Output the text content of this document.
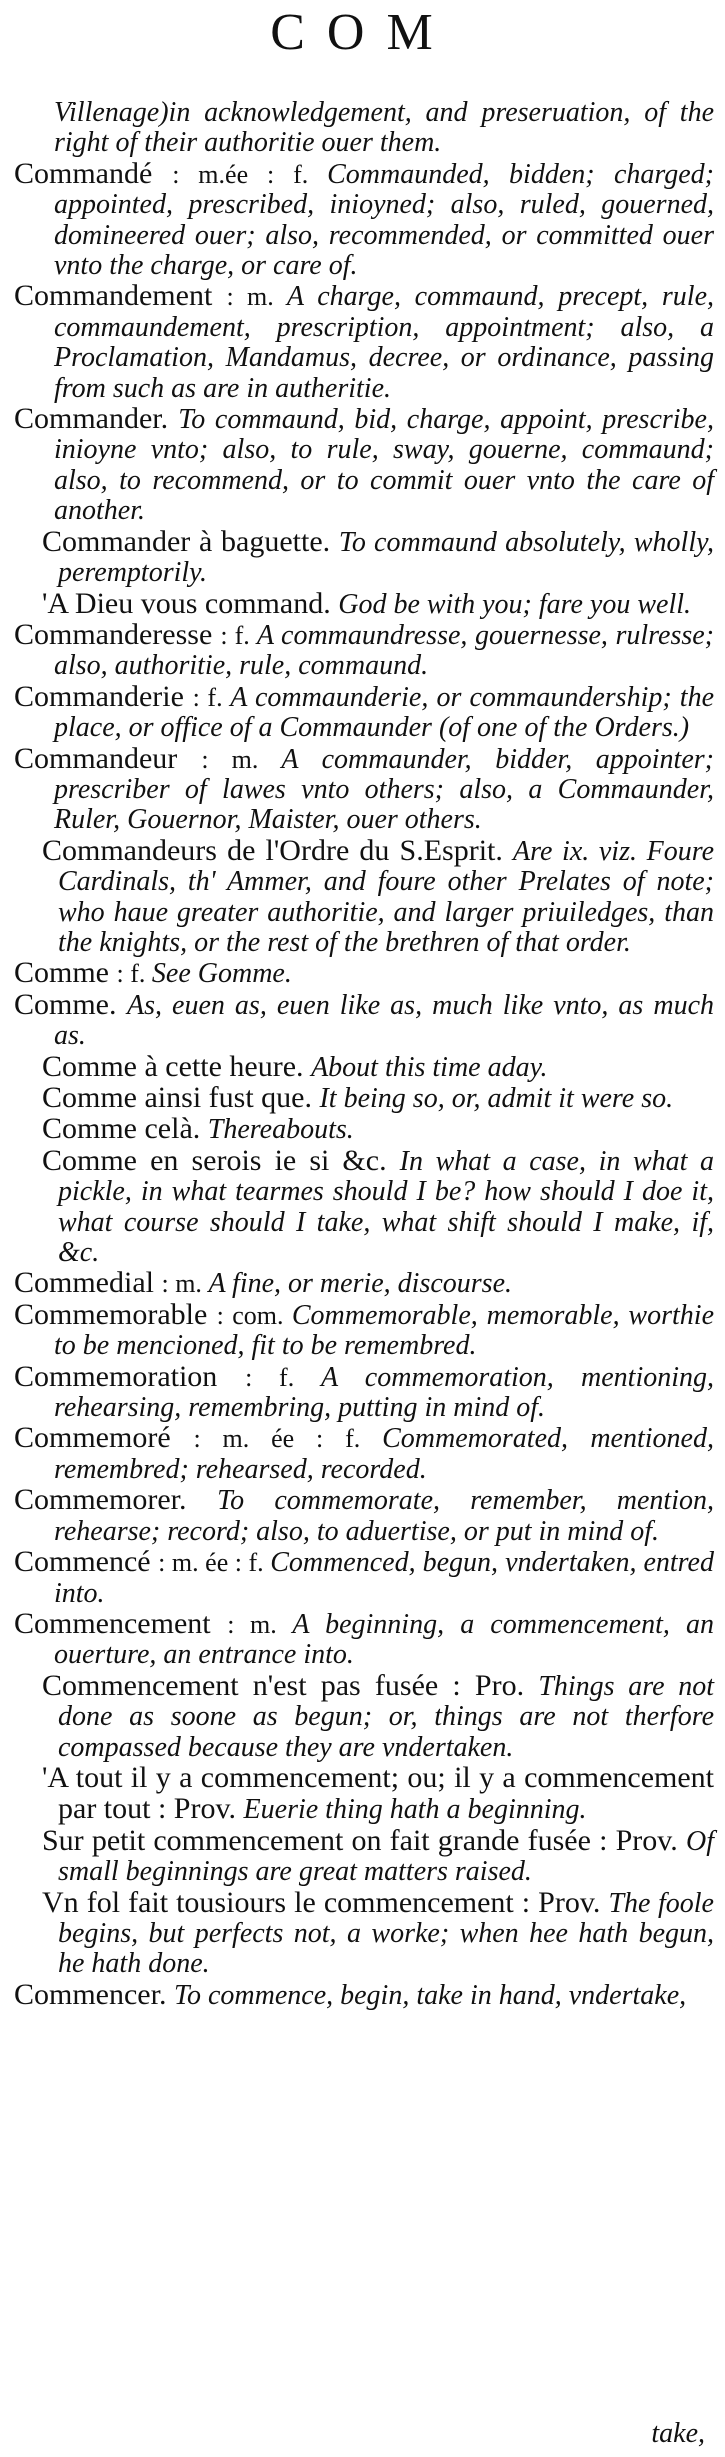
COM

Villenage)in acknowledgement, and preseruation, of the right of their authoritie ouer them.

Commandé : m.ée : f. Commaunded, bidden; charged; appointed, prescribed, inioyned; also, ruled, gouerned, domineered ouer; also, recommended, or committed ouer vnto the charge, or care of.

Commandement : m. A charge, commaund, precept, rule, commaundement, prescription, appointment; also, a Proclamation, Mandamus, decree, or ordinance, passing from such as are in autheritie.

Commander. To commaund, bid, charge, appoint, prescribe, inioyne vnto; also, to rule, sway, gouerne, commaund; also, to recommend, or to commit ouer vnto the care of another.

Commander à baguette. To commaund absolutely, wholly, peremptorily.

'A Dieu vous command. God be with you; fare you well.

Commanderesse : f. A commaundresse, gouernesse, rulresse; also, authoritie, rule, commaund.

Commanderie : f. A commaunderie, or commaundership; the place, or office of a Commaunder (of one of the Orders.)

Commandeur : m. A commaunder, bidder, appointer; prescriber of lawes vnto others; also, a Commaunder, Ruler, Gouernor, Maister, ouer others.

Commandeurs de l'Ordre du S.Esprit. Are ix. viz. Foure Cardinals, th' Ammer, and foure other Prelates of note; who haue greater authoritie, and larger priuiledges, than the knights, or the rest of the brethren of that order.

Comme : f. See Gomme.

Comme. As, euen as, euen like as, much like vnto, as much as.

Comme à cette heure. About this time aday.

Comme ainsi fust que. It being so, or, admit it were so.

Comme celà. Thereabouts.

Comme en serois ie si &c. In what a case, in what a pickle, in what tearmes should I be? how should I doe it, what course should I take, what shift should I make, if, &c.

Commedial : m. A fine, or merie, discourse.

Commemorable : com. Commemorable, memorable, worthie to be mencioned, fit to be remembred.

Commemoration : f. A commemoration, mentioning, rehearsing, remembring, putting in mind of.

Commemoré : m. ée : f. Commemorated, mentioned, remembred; rehearsed, recorded.

Commemorer. To commemorate, remember, mention, rehearse; record; also, to aduertise, or put in mind of.

Commencé : m. ée : f. Commenced, begun, vndertaken, entred into.

Commencement : m. A beginning, a commencement, an ouerture, an entrance into.

Commencement n'est pas fusée : Pro. Things are not done as soone as begun; or, things are not therfore compassed because they are vndertaken.

'A tout il y a commencement; ou; il y a commencement par tout : Prov. Euerie thing hath a beginning.

Sur petit commencement on fait grande fusée : Prov. Of small beginnings are great matters raised.

Vn fol fait tousiours le commencement : Prov. The foole begins, but perfects not, a worke; when hee hath begun, he hath done.

Commencer. To commence, begin, take in hand, vndertake,

take,
